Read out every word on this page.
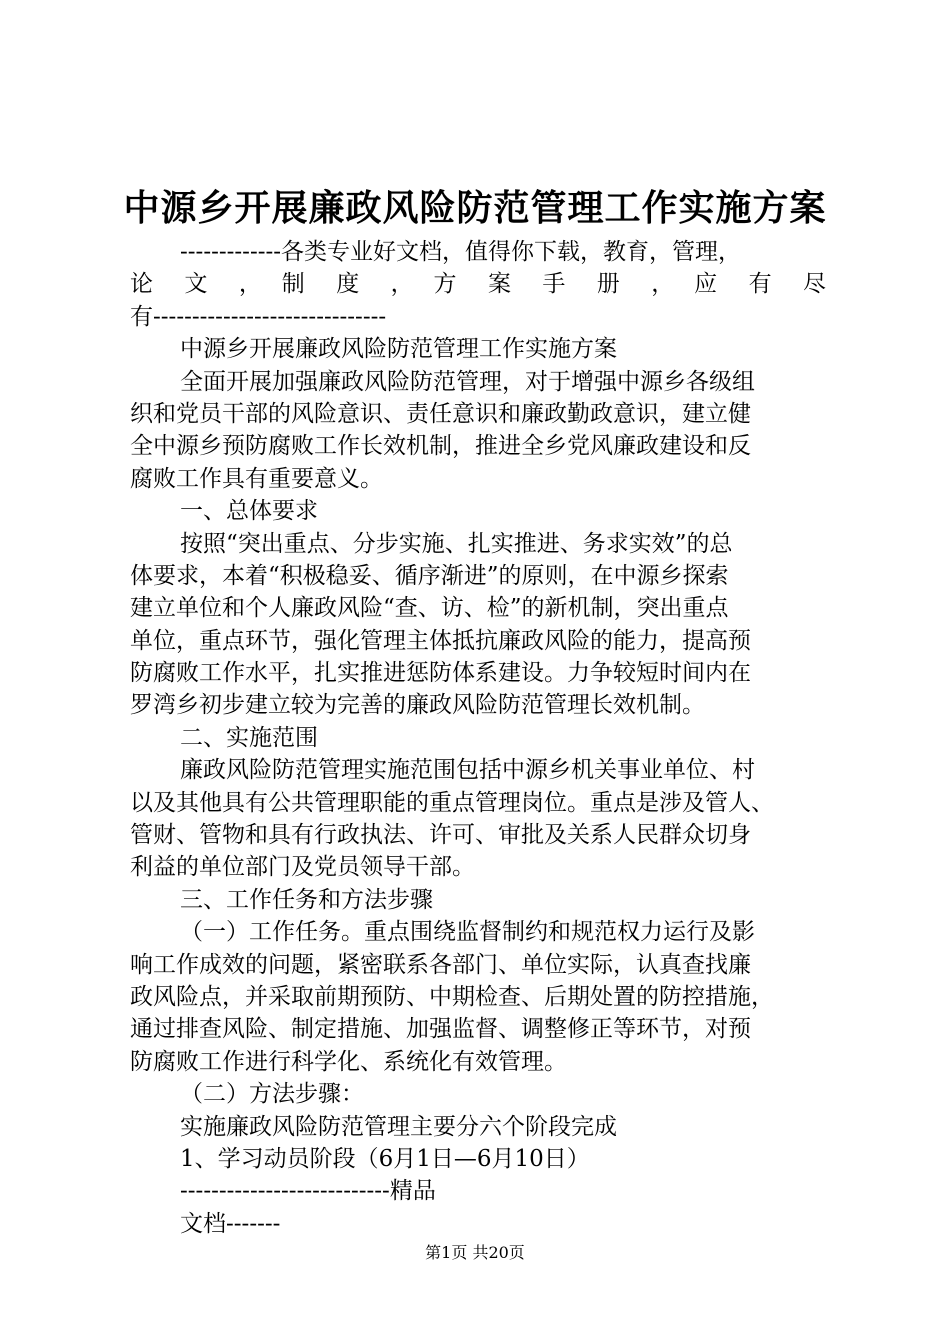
中源乡开展廉政风险防范管理工作实施方案
-------------各类专业好文档，值得你下载，教育，管理，
论　文　，　制　度　，　方　案　手　册　，　应　有　尽
有------------------------------
中源乡开展廉政风险防范管理工作实施方案
全面开展加强廉政风险防范管理，对于增强中源乡各级组
织和党员干部的风险意识、责任意识和廉政勤政意识，建立健
全中源乡预防腐败工作长效机制，推进全乡党风廉政建设和反
腐败工作具有重要意义。
一、总体要求
按照“突出重点、分步实施、扎实推进、务求实效”的总
体要求，本着“积极稳妥、循序渐进”的原则，在中源乡探索
建立单位和个人廉政风险“查、访、检”的新机制，突出重点
单位，重点环节，强化管理主体抵抗廉政风险的能力，提高预
防腐败工作水平，扎实推进惩防体系建设。力争较短时间内在
罗湾乡初步建立较为完善的廉政风险防范管理长效机制。
二、实施范围
廉政风险防范管理实施范围包括中源乡机关事业单位、村
以及其他具有公共管理职能的重点管理岗位。重点是涉及管人、
管财、管物和具有行政执法、许可、审批及关系人民群众切身
利益的单位部门及党员领导干部。
三、工作任务和方法步骤
（一）工作任务。重点围绕监督制约和规范权力运行及影
响工作成效的问题，紧密联系各部门、单位实际，认真查找廉
政风险点，并采取前期预防、中期检查、后期处置的防控措施，
通过排查风险、制定措施、加强监督、调整修正等环节，对预
防腐败工作进行科学化、系统化有效管理。
（二）方法步骤：
实施廉政风险防范管理主要分六个阶段完成
1、学习动员阶段（6月1日—6月10日）
---------------------------精品
文档-------
第1页 共20页
